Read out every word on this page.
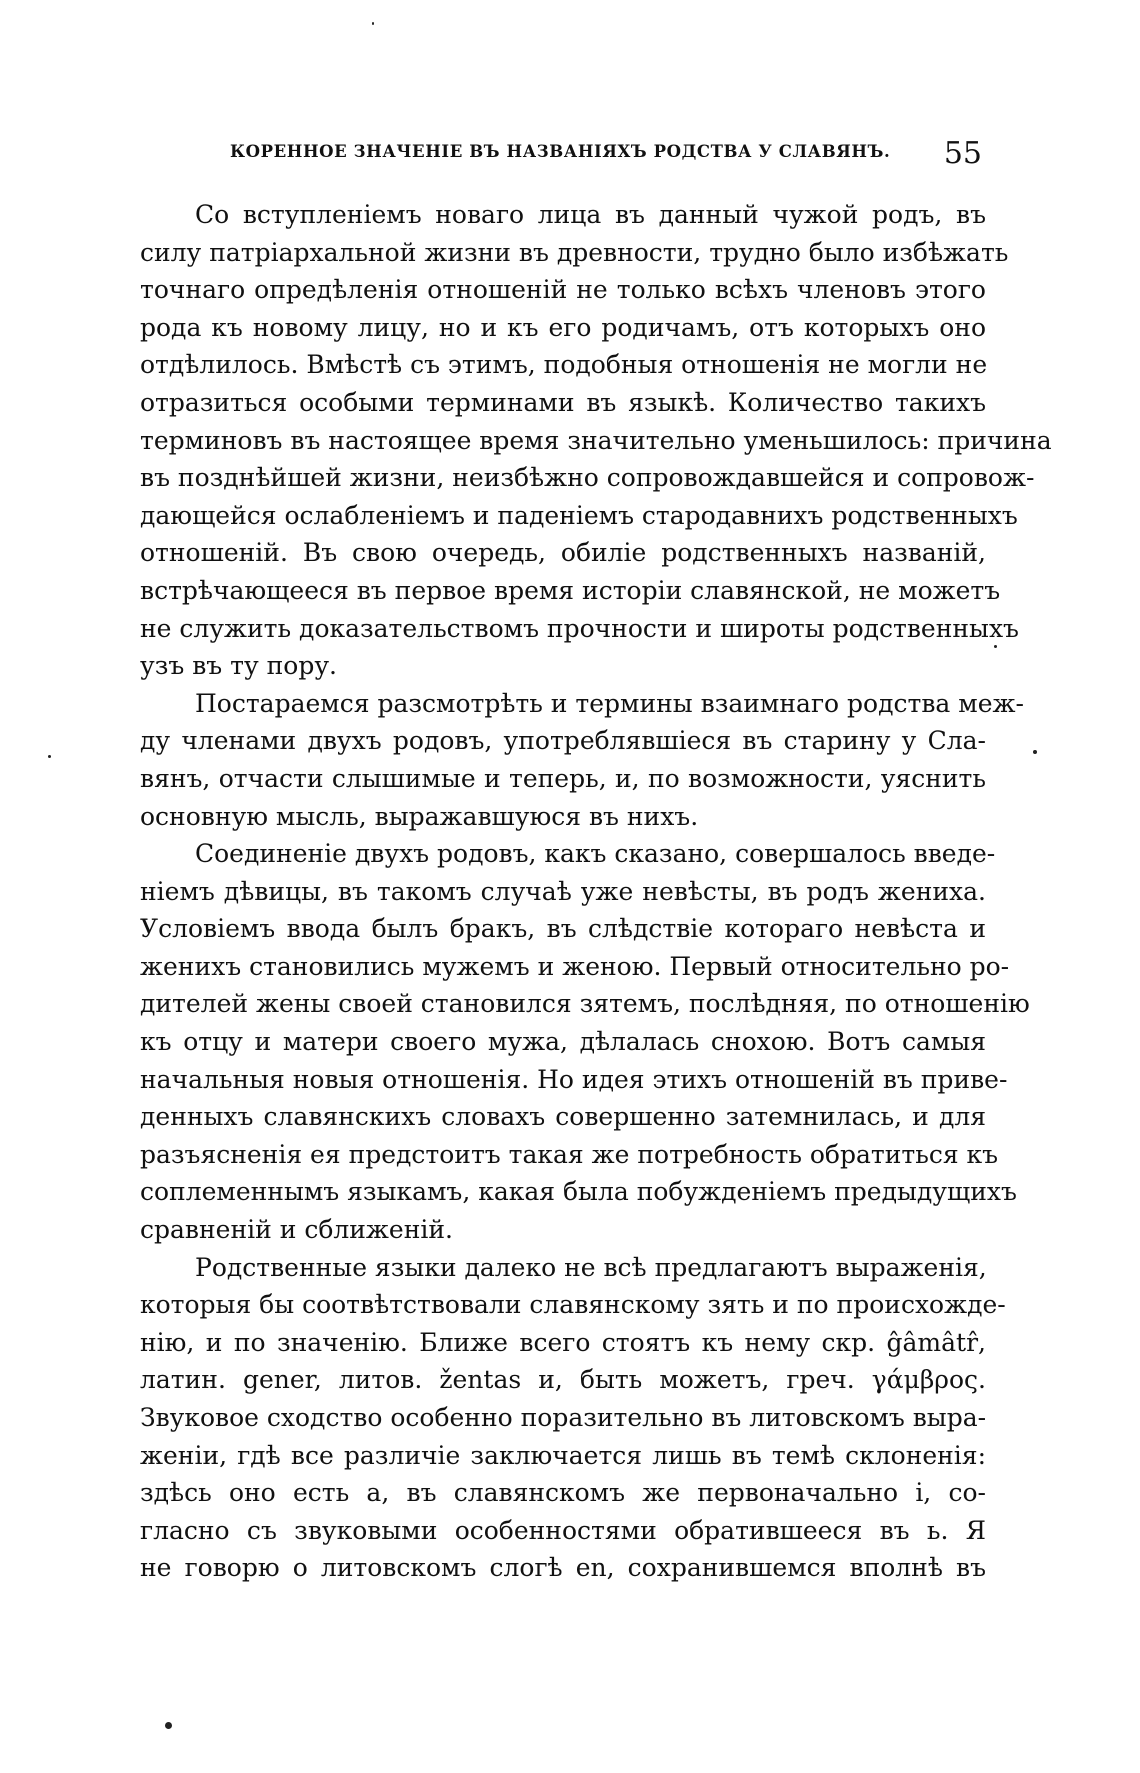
КОРЕННОЕ ЗНАЧЕНІЕ ВЪ НАЗВАНІЯХЪ РОДСТВА У СЛАВЯНЪ. 55
Со вступленіемъ новаго лица въ данный чужой родъ, въ
силу патріархальной жизни въ древности, трудно было избѣжать
точнаго опредѣленія отношеній не только всѣхъ членовъ этого
рода къ новому лицу, но и къ его родичамъ, отъ которыхъ оно
отдѣлилось. Вмѣстѣ съ этимъ, подобныя отношенія не могли не
отразиться особыми терминами въ языкѣ. Количество такихъ
терминовъ въ настоящее время значительно уменьшилось: причина
въ позднѣйшей жизни, неизбѣжно сопровождавшейся и сопровож-
дающейся ослабленіемъ и паденіемъ стародавнихъ родственныхъ
отношеній. Въ свою очередь, обиліе родственныхъ названій,
встрѣчающееся въ первое время исторіи славянской, не можетъ
не служить доказательствомъ прочности и широты родственныхъ
узъ въ ту пору.
Постараемся разсмотрѣть и термины взаимнаго родства меж-
ду членами двухъ родовъ, употреблявшіеся въ старину у Сла-
вянъ, отчасти слышимые и теперь, и, по возможности, уяснить
основную мысль, выражавшуюся въ нихъ.
Соединеніе двухъ родовъ, какъ сказано, совершалось введе-
ніемъ дѣвицы, въ такомъ случаѣ уже невѣсты, въ родъ жениха.
Условіемъ ввода былъ бракъ, въ слѣдствіе котораго невѣста и
женихъ становились мужемъ и женою. Первый относительно ро-
дителей жены своей становился зятемъ, послѣдняя, по отношенію
къ отцу и матери своего мужа, дѣлалась снохою. Вотъ самыя
начальныя новыя отношенія. Но идея этихъ отношеній въ приве-
денныхъ славянскихъ словахъ совершенно затемнилась, и для
разъясненія ея предстоитъ такая же потребность обратиться къ
соплеменнымъ языкамъ, какая была побужденіемъ предыдущихъ
сравненій и сближеній.
Родственные языки далеко не всѣ предлагаютъ выраженія,
которыя бы соотвѣтствовали славянскому зять и по происхожде-
нію, и по значенію. Ближе всего стоятъ къ нему скр. ĝâmâtr̂,
латин. gener, литов. žentas и, быть можетъ, греч. γάμβρος.
Звуковое сходство особенно поразительно въ литовскомъ выра-
женіи, гдѣ все различіе заключается лишь въ темѣ склоненія:
здѣсь оно есть a, въ славянскомъ же первоначально i, со-
гласно съ звуковыми особенностями обратившееся въ ь. Я
не говорю о литовскомъ слогѣ en, сохранившемся вполнѣ въ
